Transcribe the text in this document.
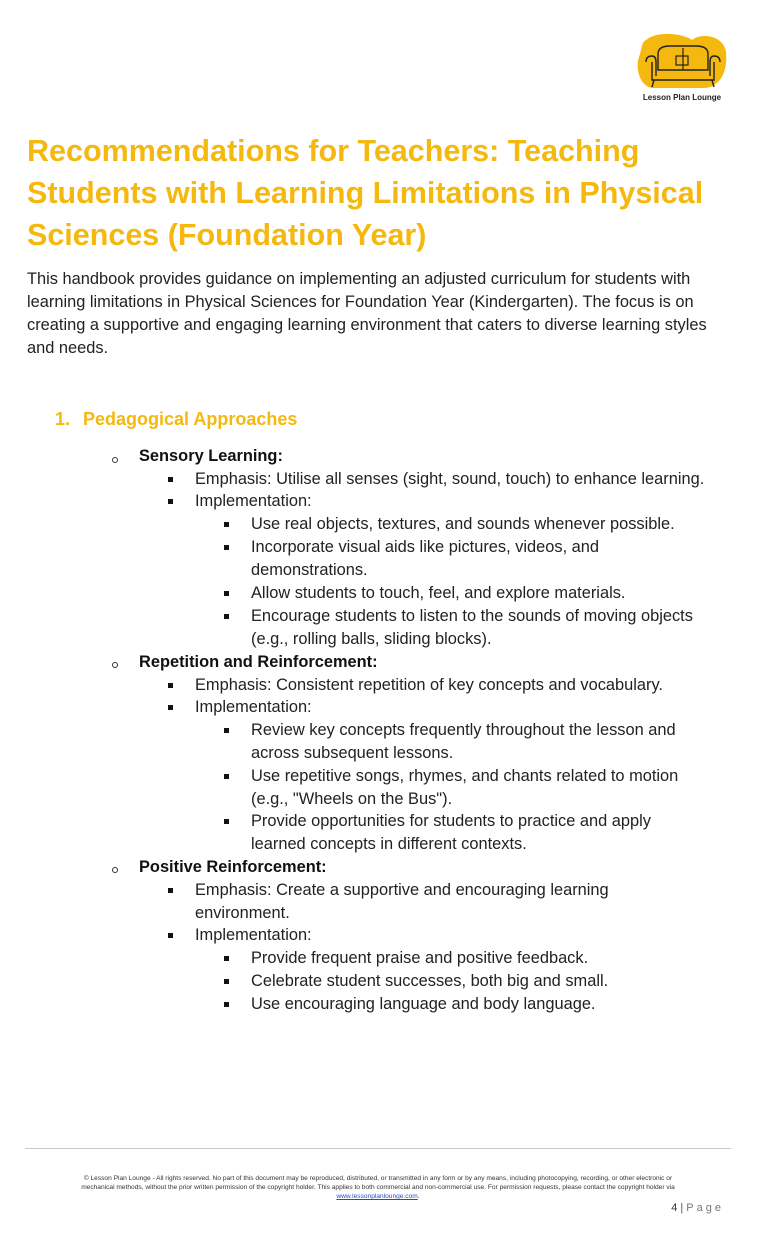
Lesson Plan Lounge
Recommendations for Teachers: Teaching Students with Learning Limitations in Physical Sciences (Foundation Year)

This handbook provides guidance on implementing an adjusted curriculum for students with learning limitations in Physical Sciences for Foundation Year (Kindergarten). The focus is on creating a supportive and engaging learning environment that caters to diverse learning styles and needs.

1. Pedagogical Approaches
Sensory Learning:
Emphasis: Utilise all senses (sight, sound, touch) to enhance learning.
Implementation:
Use real objects, textures, and sounds whenever possible.
Incorporate visual aids like pictures, videos, and
demonstrations.
Allow students to touch, feel, and explore materials.
Encourage students to listen to the sounds of moving objects
(e.g., rolling balls, sliding blocks).
Repetition and Reinforcement:
Emphasis: Consistent repetition of key concepts and vocabulary.
Implementation:
Review key concepts frequently throughout the lesson and
across subsequent lessons.
Use repetitive songs, rhymes, and chants related to motion
(e.g., "Wheels on the Bus").
Provide opportunities for students to practice and apply
learned concepts in different contexts.
Positive Reinforcement:
Emphasis: Create a supportive and encouraging learning
environment.
Implementation:
Provide frequent praise and positive feedback.
Celebrate student successes, both big and small.
Use encouraging language and body language.
© Lesson Plan Lounge - All rights reserved. No part of this document may be reproduced, distributed, or transmitted in any form or by any means, including photocopying, recording, or other electronic or
mechanical methods, without the prior written permission of the copyright holder. This applies to both commercial and non-commercial use. For permission requests, please contact the copyright holder via
www.lessonplanlounge.com.
4 | Page
